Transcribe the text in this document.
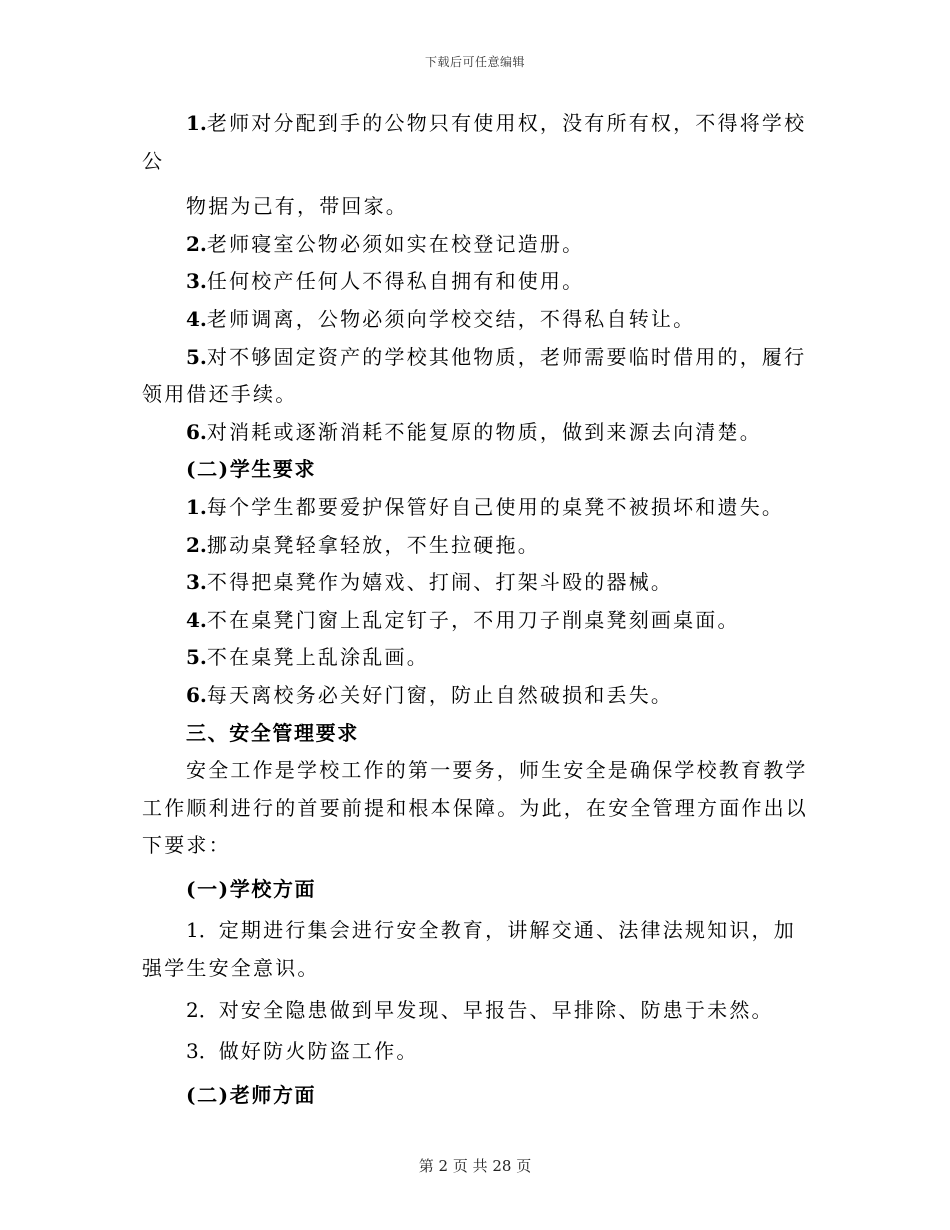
下载后可任意编辑

1.老师对分配到手的公物只有使用权，没有所有权，不得将学校公

物据为己有，带回家。

2.老师寝室公物必须如实在校登记造册。

3.任何校产任何人不得私自拥有和使用。

4.老师调离，公物必须向学校交结，不得私自转让。

5.对不够固定资产的学校其他物质，老师需要临时借用的，履行领用借还手续。

6.对消耗或逐渐消耗不能复原的物质，做到来源去向清楚。

(二)学生要求

1.每个学生都要爱护保管好自己使用的桌凳不被损坏和遗失。

2.挪动桌凳轻拿轻放，不生拉硬拖。

3.不得把桌凳作为嬉戏、打闹、打架斗殴的器械。

4.不在桌凳门窗上乱定钉子，不用刀子削桌凳刻画桌面。

5.不在桌凳上乱涂乱画。

6.每天离校务必关好门窗，防止自然破损和丢失。

三、安全管理要求

安全工作是学校工作的第一要务，师生安全是确保学校教育教学工作顺利进行的首要前提和根本保障。为此，在安全管理方面作出以下要求：

(一)学校方面

1．定期进行集会进行安全教育，讲解交通、法律法规知识，加强学生安全意识。

2．对安全隐患做到早发现、早报告、早排除、防患于未然。

3．做好防火防盗工作。

(二)老师方面

第 2 页 共 28 页
